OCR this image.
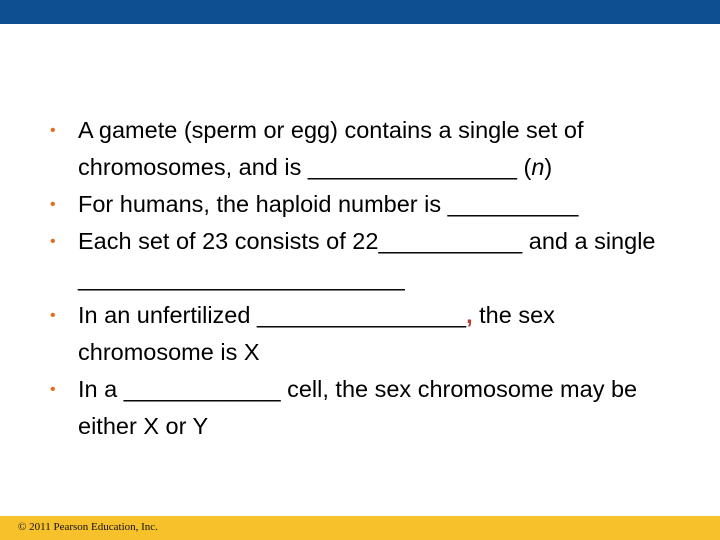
• A gamete (sperm or egg) contains a single set of chromosomes, and is ________________ (n)
• For humans, the haploid number is __________
• Each set of 23 consists of 22___________ and a single _________________________
• In an unfertilized ________________, the sex chromosome is X
• In a ____________ cell, the sex chromosome may be either X or Y
© 2011 Pearson Education, Inc.
